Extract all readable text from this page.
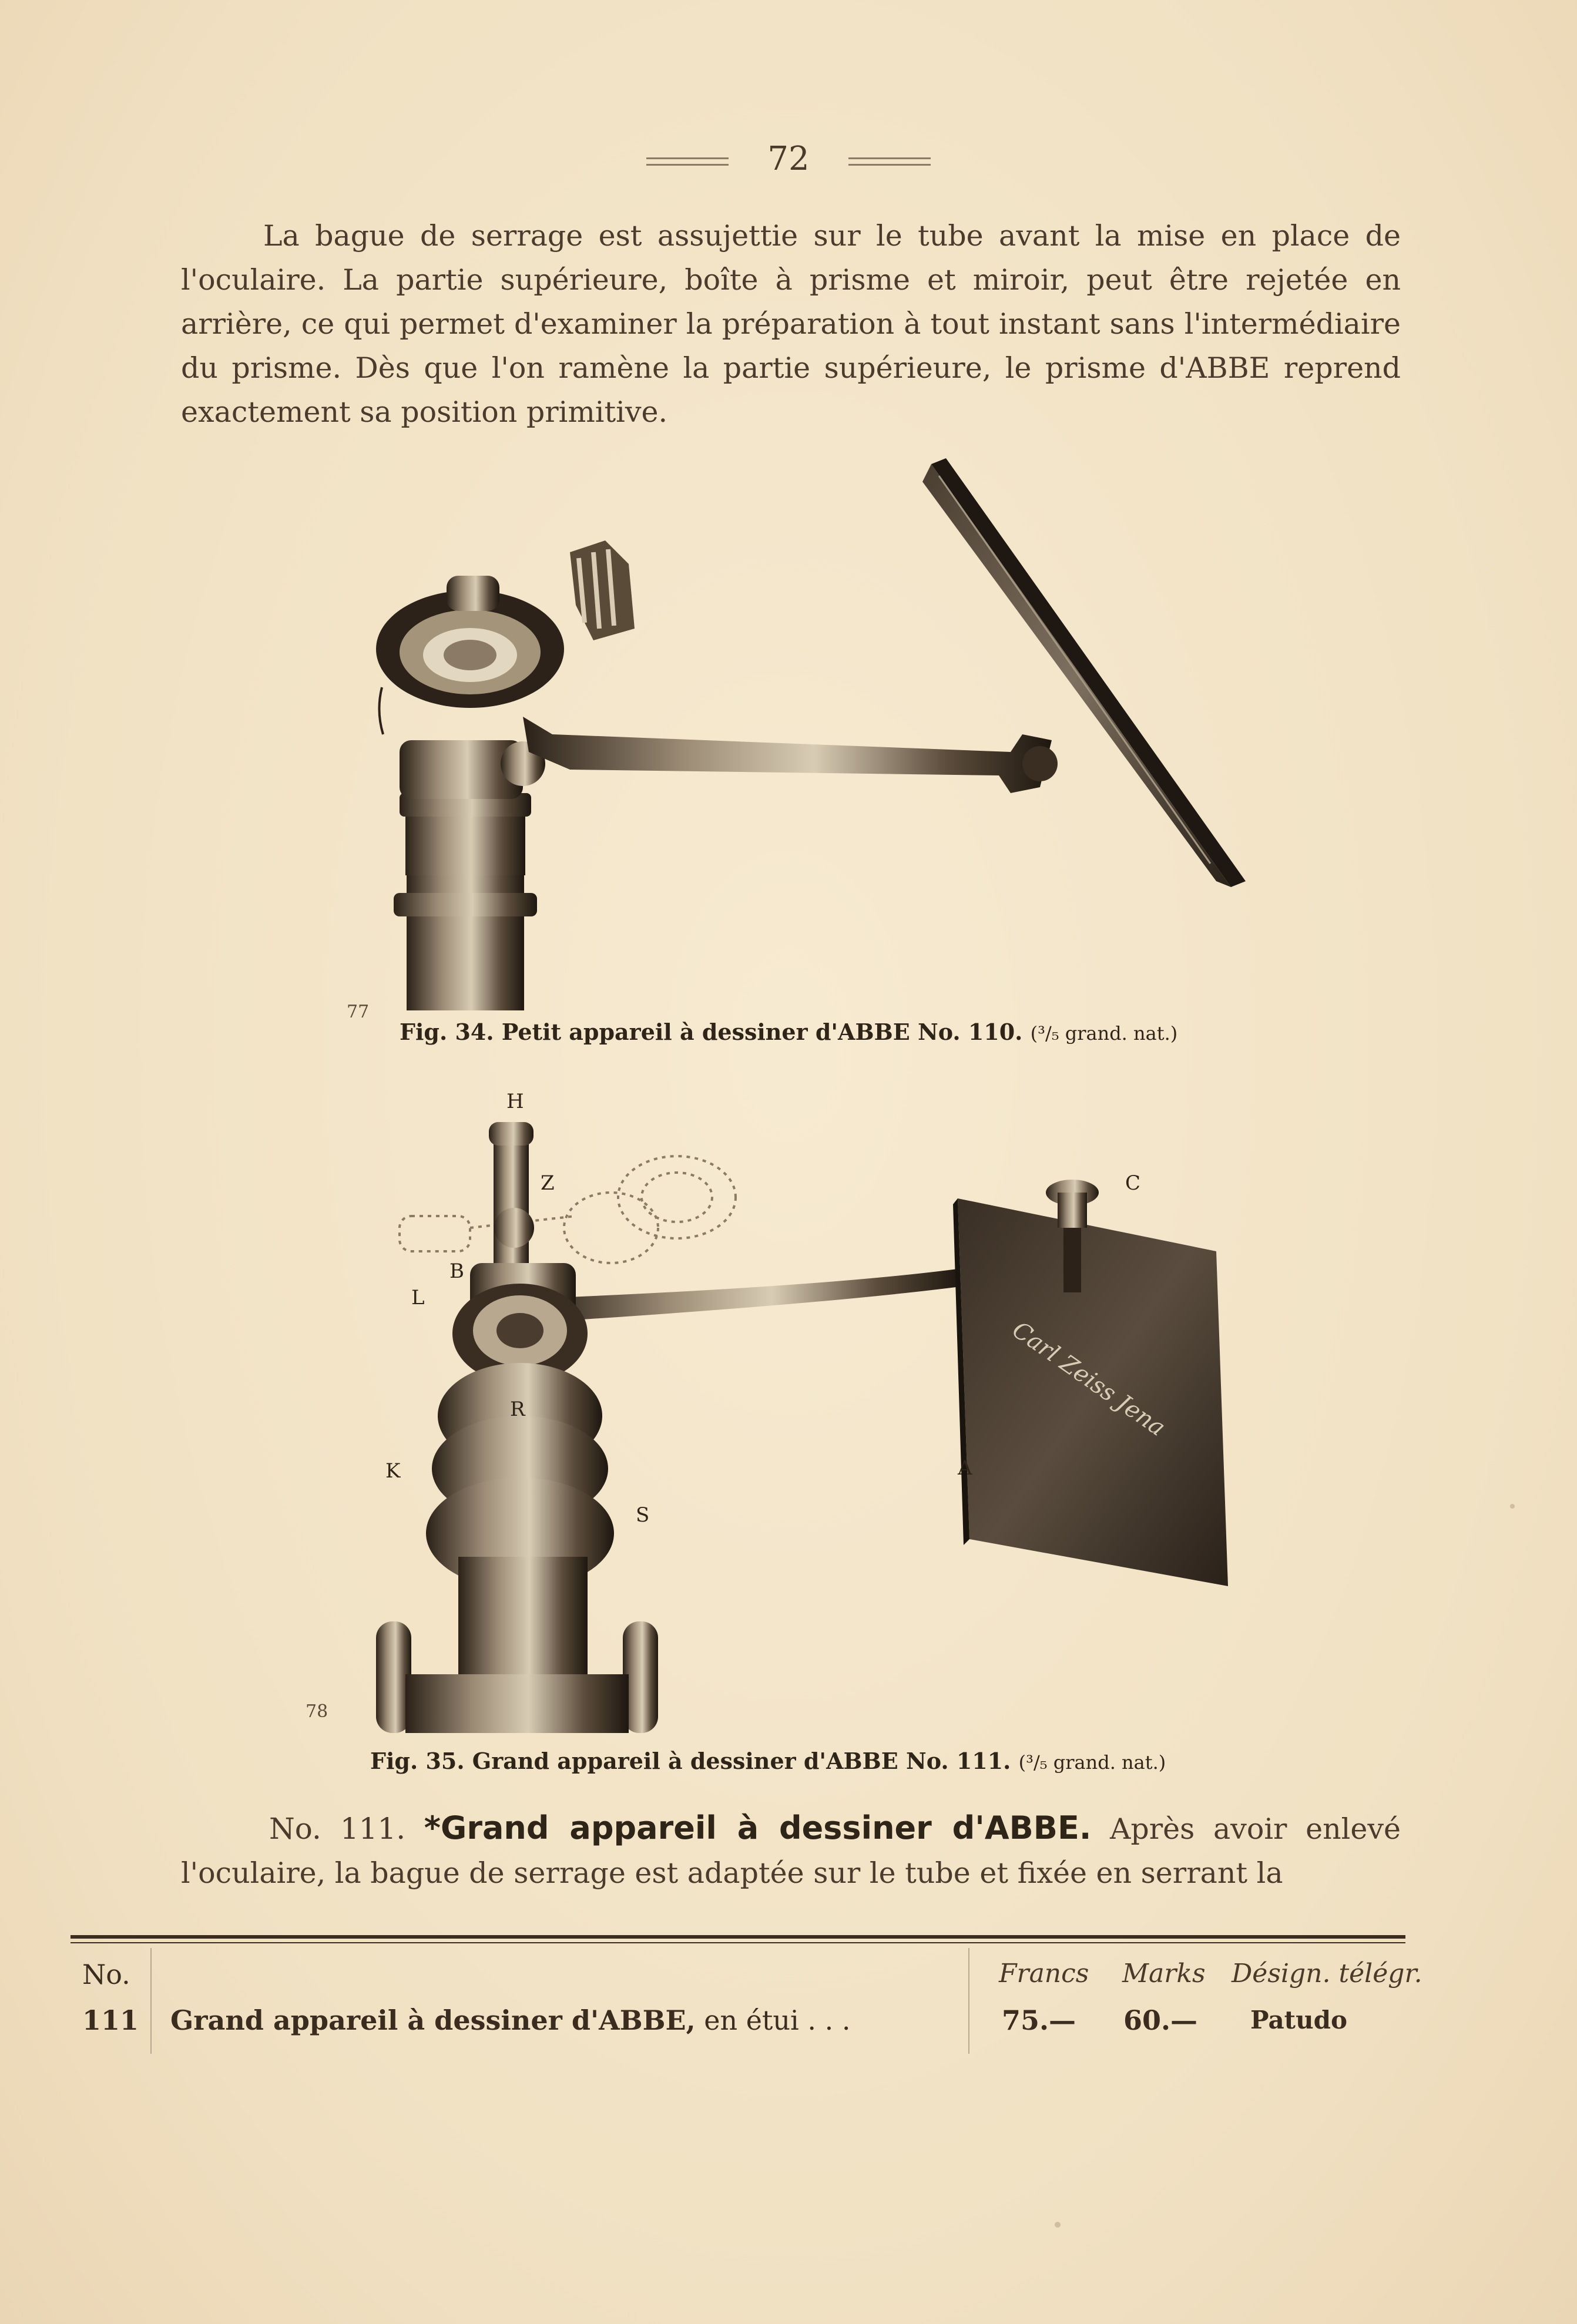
72
La bague de serrage est assujettie sur le tube avant la mise en place de l'oculaire. La partie supérieure, boîte à prisme et miroir, peut être rejetée en arrière, ce qui permet d'examiner la préparation à tout instant sans l'intermédiaire du prisme. Dès que l'on ramène la partie supérieure, le prisme d'ABBE reprend exactement sa position primitive.
77
Fig. 34. Petit appareil à dessiner d'ABBE No. 110. (³/₅ grand. nat.)
Carl Zeiss Jena
H
Z
B
L
R
K
S
C
A
78
Fig. 35. Grand appareil à dessiner d'ABBE No. 111. (³/₅ grand. nat.)
No. 111. *Grand appareil à dessiner d'ABBE. Après avoir enlevé l'oculaire, la bague de serrage est adaptée sur le tube et fixée en serrant la
No.	Francs Marks Désign. télégr.
111 Grand appareil à dessiner d'ABBE, en étui . . .	75.— 60.— Patudo
